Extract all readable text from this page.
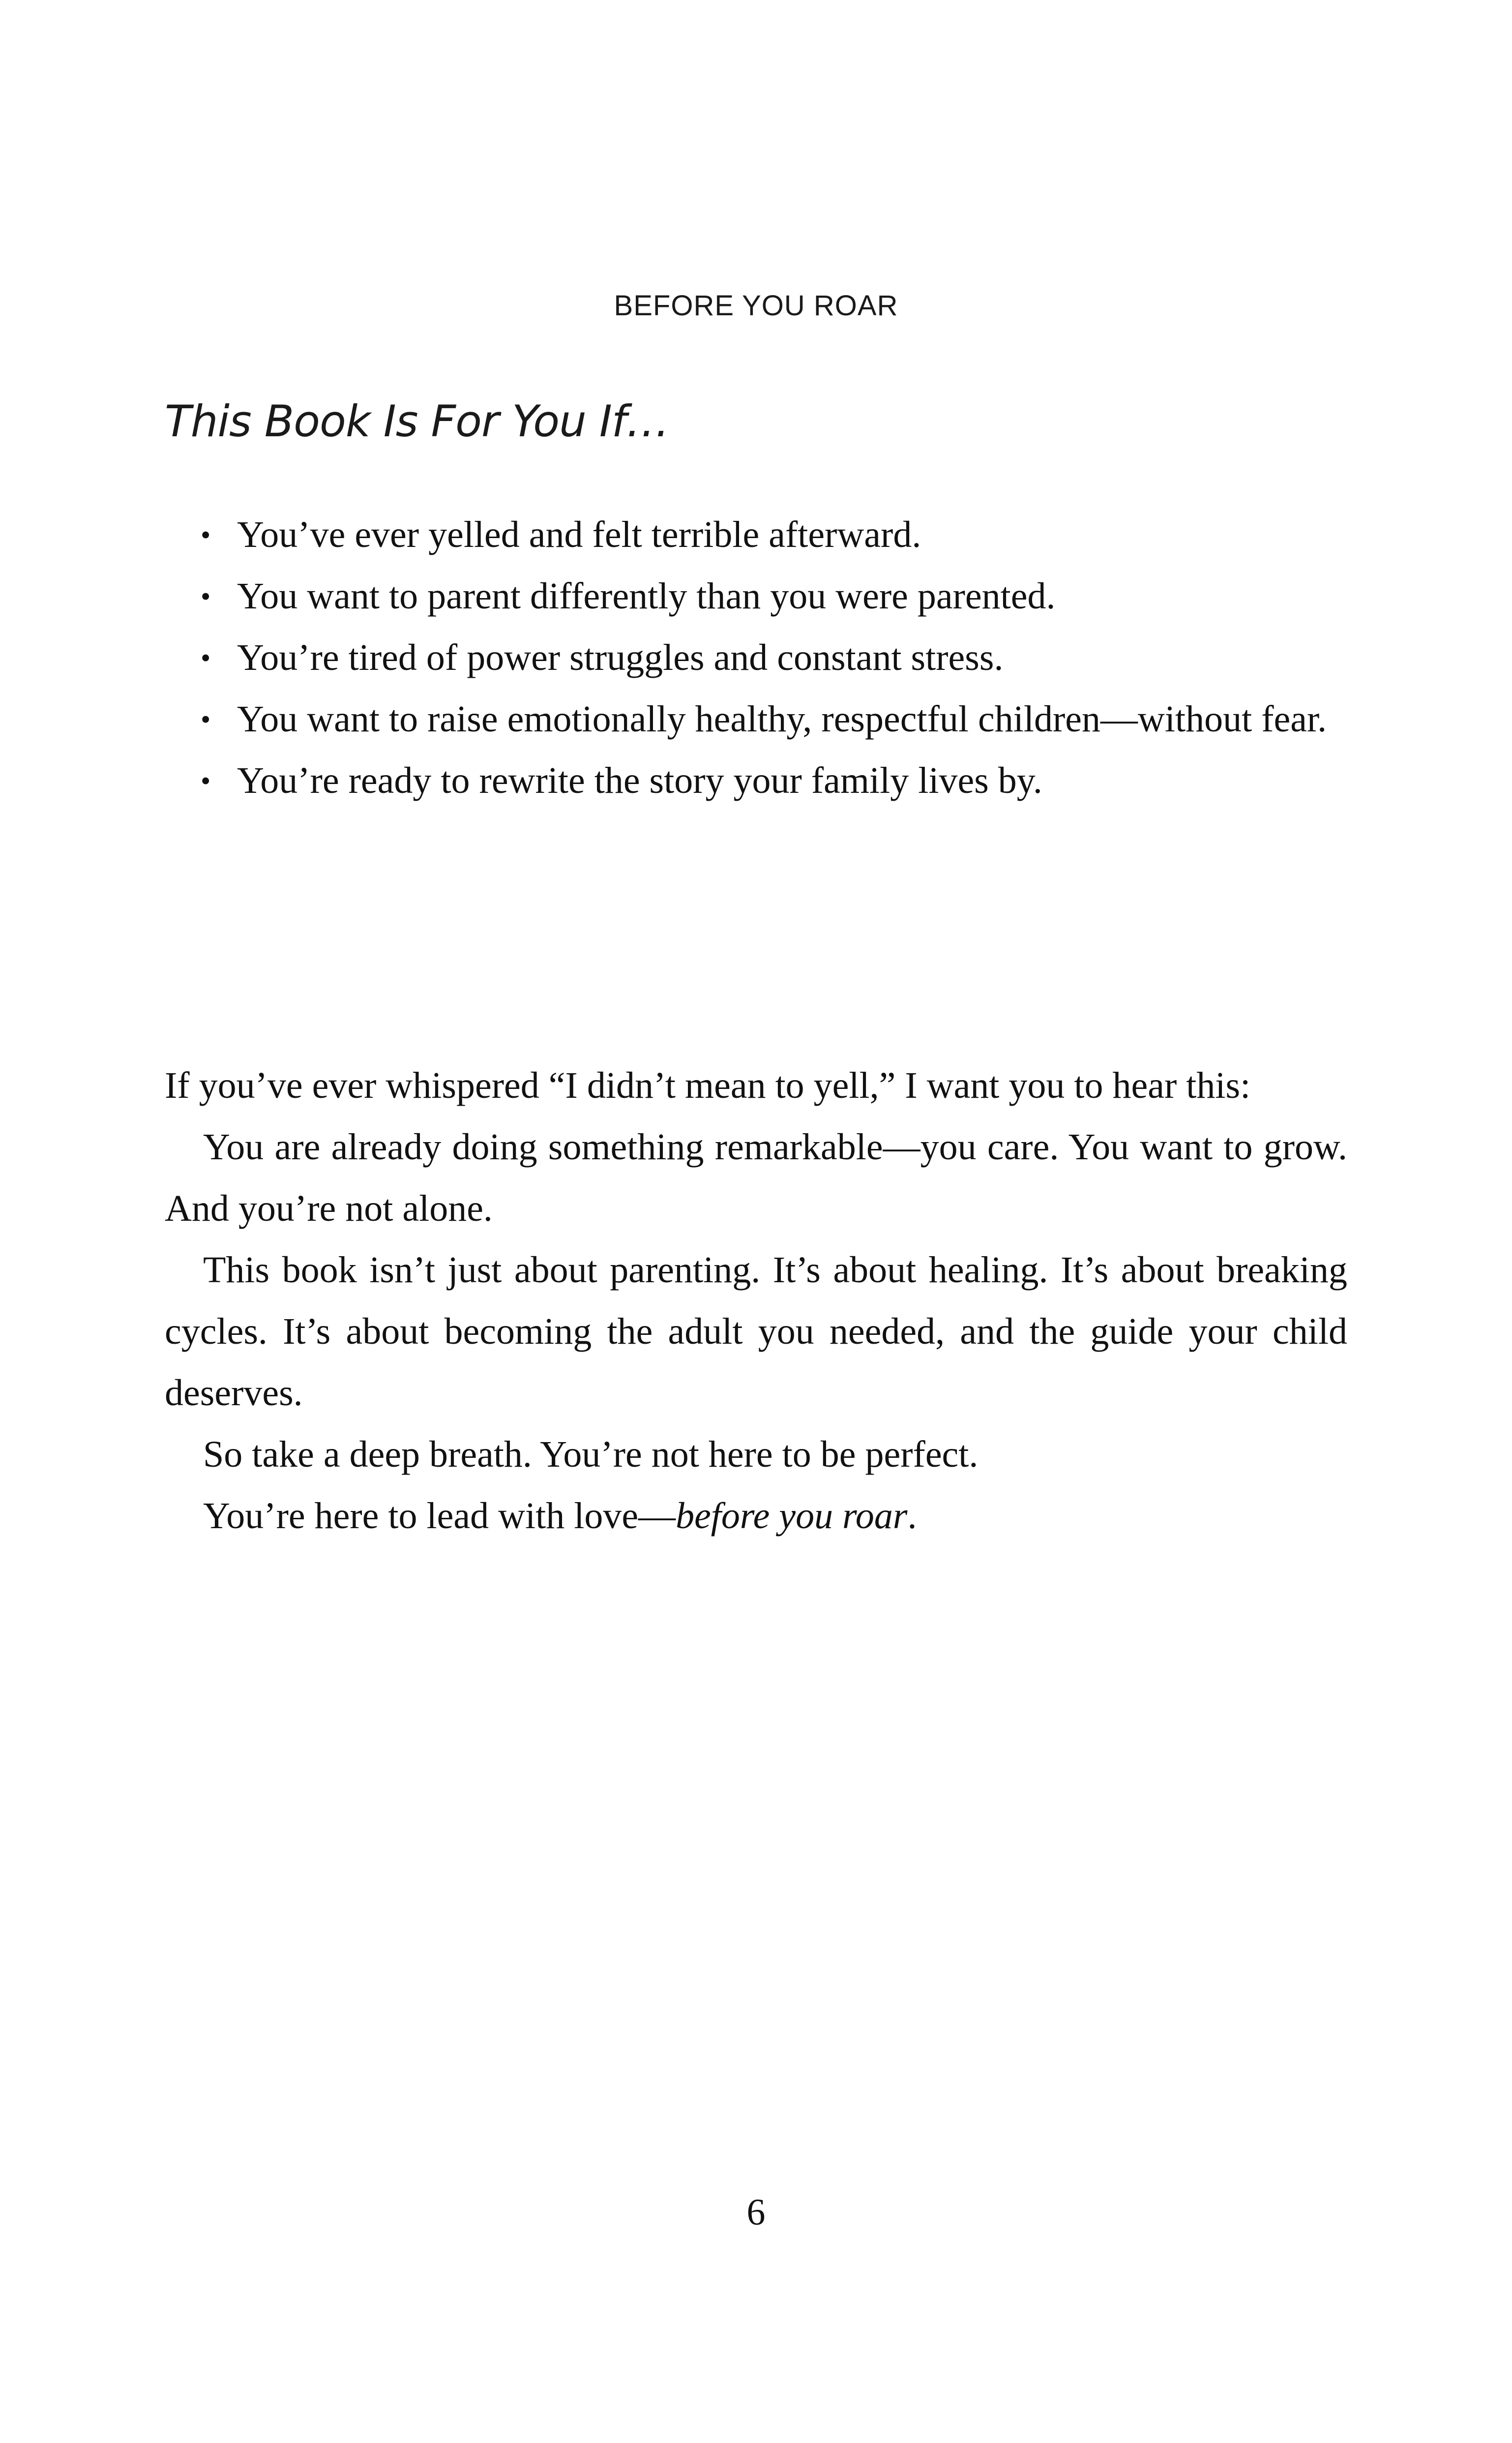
BEFORE YOU ROAR
This Book Is For You If…
• You’ve ever yelled and felt terrible afterward.
• You want to parent differently than you were parented.
• You’re tired of power struggles and constant stress.
• You want to raise emotionally healthy, respectful children—without fear.
• You’re ready to rewrite the story your family lives by.

If you’ve ever whispered “I didn’t mean to yell,” I want you to hear this:

You are already doing something remarkable—you care. You want to grow. And you’re not alone.

This book isn’t just about parenting. It’s about healing. It’s about breaking cycles. It’s about becoming the adult you needed, and the guide your child deserves.

So take a deep breath. You’re not here to be perfect.

You’re here to lead with love—before you roar.

6
